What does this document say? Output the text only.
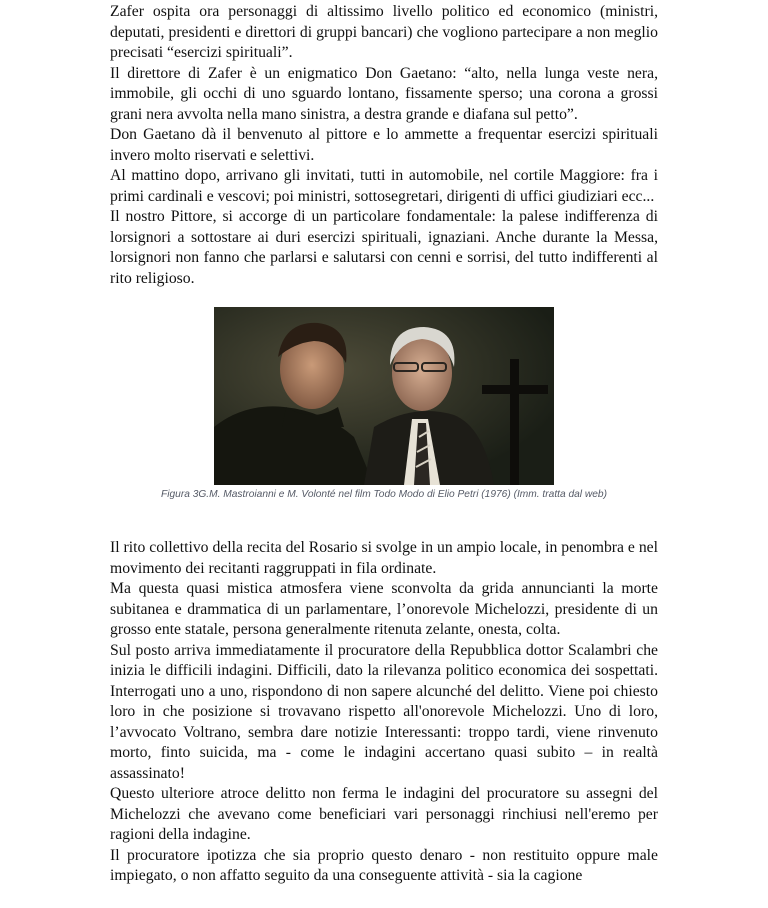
Zafer ospita ora personaggi di altissimo livello politico ed economico (ministri, deputati, presidenti e direttori di gruppi bancari) che vogliono partecipare a non meglio precisati “esercizi spirituali”.

Il direttore di Zafer è un enigmatico Don Gaetano: “alto, nella lunga veste nera, immobile, gli occhi di uno sguardo lontano, fissamente sperso; una corona a grossi grani nera avvolta nella mano sinistra, a destra grande e diafana sul petto”.

Don Gaetano dà il benvenuto al pittore e lo ammette a frequentar esercizi spirituali invero molto riservati e selettivi.

Al mattino dopo, arrivano gli invitati, tutti in automobile, nel cortile Maggiore: fra i primi cardinali e vescovi; poi ministri, sottosegretari, dirigenti di uffici giudiziari ecc...

Il nostro Pittore, si accorge di un particolare fondamentale: la palese indifferenza di lorsignori a sottostare ai duri esercizi spirituali, ignaziani. Anche durante la Messa, lorsignori non fanno che parlarsi e salutarsi con cenni e sorrisi, del tutto indifferenti al rito religioso.

Figura 3G.M. Mastroianni e M. Volonté nel film Todo Modo di Elio Petri (1976) (Imm. tratta dal web)

Il rito collettivo della recita del Rosario si svolge in un ampio locale, in penombra e nel movimento dei recitanti raggruppati in fila ordinate.

Ma questa quasi mistica atmosfera viene sconvolta da grida annuncianti la morte subitanea e drammatica di un parlamentare, l’onorevole Michelozzi, presidente di un grosso ente statale, persona generalmente ritenuta zelante, onesta, colta.

Sul posto arriva immediatamente il procuratore della Repubblica dottor Scalambri che inizia le difficili indagini. Difficili, dato la rilevanza politico economica dei sospettati. Interrogati uno a uno, rispondono di non sapere alcunché del delitto. Viene poi chiesto loro in che posizione si trovavano rispetto all'onorevole Michelozzi. Uno di loro, l’avvocato Voltrano, sembra dare notizie Interessanti: troppo tardi, viene rinvenuto morto, finto suicida, ma - come le indagini accertano quasi subito – in realtà assassinato!

Questo ulteriore atroce delitto non ferma le indagini del procuratore su assegni del Michelozzi che avevano come beneficiari vari personaggi rinchiusi nell'eremo per ragioni della indagine.

Il procuratore ipotizza che sia proprio questo denaro - non restituito oppure male impiegato, o non affatto seguito da una conseguente attività - sia la cagione
